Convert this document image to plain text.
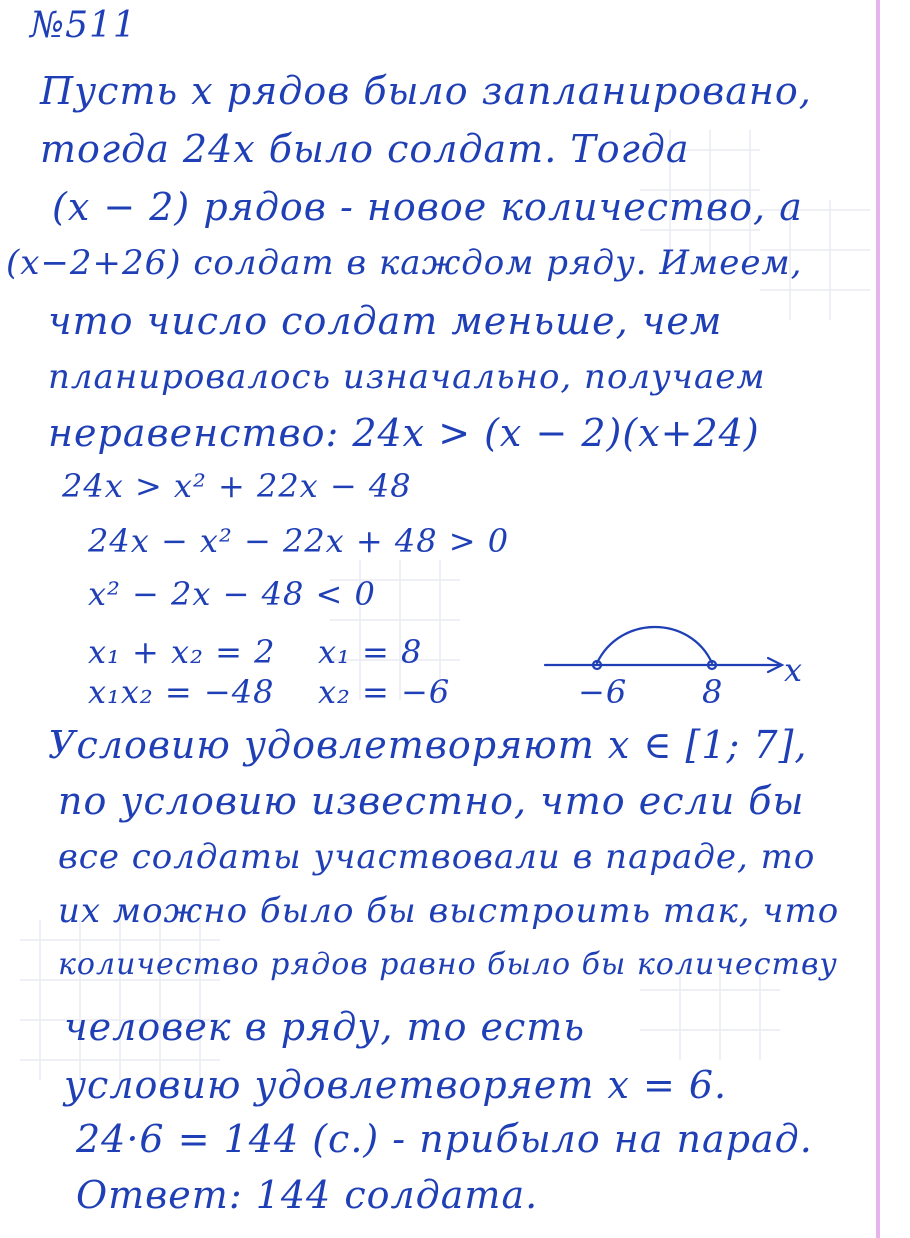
№511
Пусть х рядов было запланировано,
тогда 24х было солдат. Тогда
(х − 2) рядов - новое количество, а
(х−2+26) солдат в каждом ряду. Имеем,
что число солдат меньше, чем
планировалось изначально, получаем
неравенство: 24х > (х − 2)(х+24)
24x > x² + 22x − 48
24x − x² − 22x + 48 > 0
x² − 2x − 48 < 0
x₁ + x₂ = 2
x₁x₂ = −48
x₁ = 8
x₂ = −6	−6 8
x
Условию удовлетворяют х ∈ [1; 7],
по условию известно, что если бы
все солдаты участвовали в параде, то
их можно было бы выстроить так, что
количество рядов равно было бы количеству
человек в ряду, то есть
условию удовлетворяет х = 6.
24·6 = 144 (с.) - прибыло на парад.
Ответ: 144 солдата.
